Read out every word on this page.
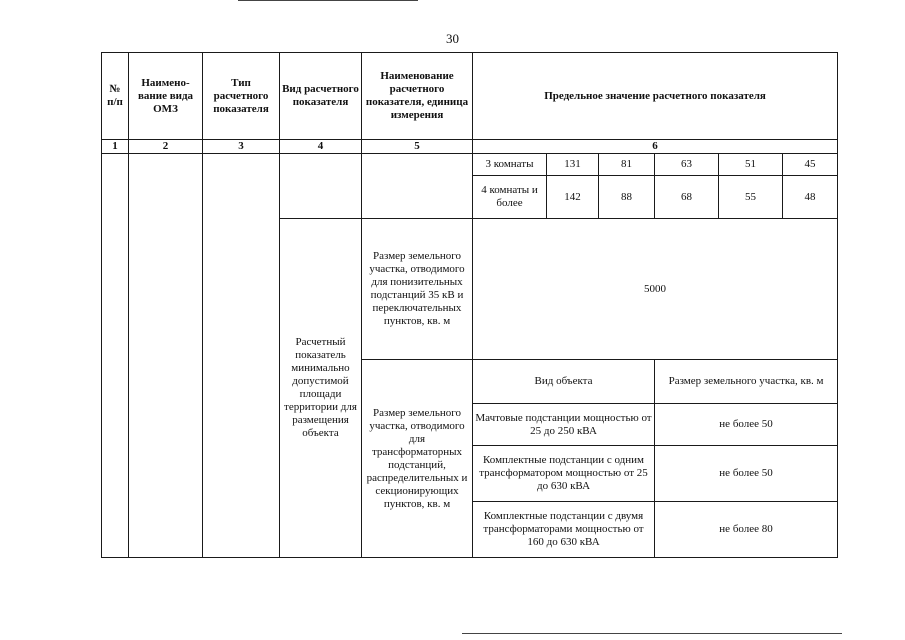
30
№ п/п	Наимено-вание вида ОМЗ	Тип расчетного показателя	Вид расчетного показателя	Наименование расчетного показателя, единица измерения	Предельное значение расчетного показателя					
1	2	3	4	5	6					
					3 комнаты	131	81	63	51	45
					4 комнаты и более	142	88	68	55	48
			Расчетный показатель минимально допустимой площади территории для размещения объекта	Размер земельного участка, отводимого для понизительных подстанций 35 кВ и переключательных пунктов, кв. м	5000					
				Размер земельного участка, отводимого для трансформаторных подстанций, распределительных и секционирующих пунктов, кв. м	Вид объекта			Размер земельного участка, кв. м		
					Мачтовые подстанции мощностью от 25 до 250 кВА			не более 50		
					Комплектные подстанции с одним трансформатором мощностью от 25 до 630 кВА			не более 50		
					Комплектные подстанции с двумя трансформаторами мощностью от 160 до 630 кВА			не более 80		
